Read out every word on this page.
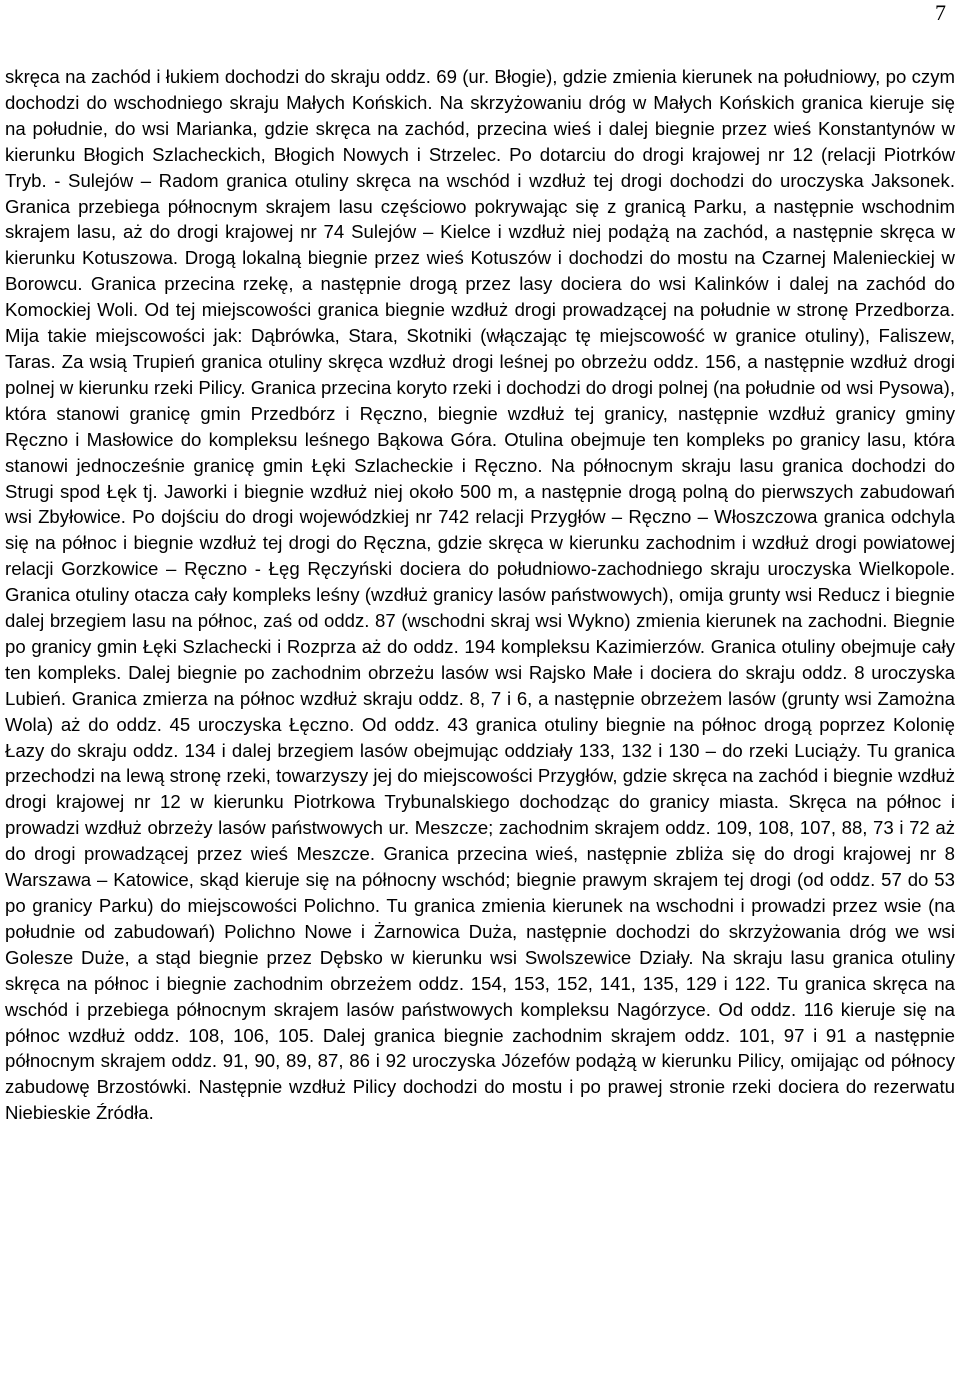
7

skręca na zachód i łukiem dochodzi do skraju oddz. 69 (ur. Błogie), gdzie zmienia kierunek na południowy, po czym dochodzi do wschodniego skraju Małych Końskich. Na skrzyżowaniu dróg w Małych Końskich granica kieruje się na południe, do wsi Marianka, gdzie skręca na zachód, przecina wieś i dalej biegnie przez wieś Konstantynów w kierunku Błogich Szlacheckich, Błogich Nowych i Strzelec. Po dotarciu do drogi krajowej nr 12 (relacji Piotrków Tryb. - Sulejów – Radom granica otuliny skręca na wschód i wzdłuż tej drogi dochodzi do uroczyska Jaksonek. Granica przebiega północnym skrajem lasu częściowo pokrywając się z granicą Parku, a następnie wschodnim skrajem lasu, aż do drogi krajowej nr 74 Sulejów – Kielce i wzdłuż niej podążą na zachód, a następnie skręca w kierunku Kotuszowa. Drogą lokalną biegnie przez wieś Kotuszów i dochodzi do mostu na Czarnej Malenieckiej w Borowcu. Granica przecina rzekę, a następnie drogą przez lasy dociera do wsi Kalinków i dalej na zachód do Komockiej Woli. Od tej miejscowości granica biegnie wzdłuż drogi prowadzącej na południe w stronę Przedborza. Mija takie miejscowości jak: Dąbrówka, Stara, Skotniki (włączając tę miejscowość w granice otuliny), Faliszew, Taras. Za wsią Trupień granica otuliny skręca wzdłuż drogi leśnej po obrzeżu oddz. 156, a następnie wzdłuż drogi polnej w kierunku rzeki Pilicy. Granica przecina koryto rzeki i dochodzi do drogi polnej (na południe od wsi Pysowa), która stanowi granicę gmin Przedbórz i Ręczno, biegnie wzdłuż tej granicy, następnie wzdłuż granicy gminy Ręczno i Masłowice do kompleksu leśnego Bąkowa Góra. Otulina obejmuje ten kompleks po granicy lasu, która stanowi jednocześnie granicę gmin Łęki Szlacheckie i Ręczno. Na północnym skraju lasu granica dochodzi do Strugi spod Łęk tj. Jaworki i biegnie wzdłuż niej około 500 m, a następnie drogą polną do pierwszych zabudowań wsi Zbyłowice. Po dojściu do drogi wojewódzkiej nr 742 relacji Przygłów – Ręczno – Włoszczowa granica odchyla się na północ i biegnie wzdłuż tej drogi do Ręczna, gdzie skręca w kierunku zachodnim i wzdłuż drogi powiatowej relacji Gorzkowice – Ręczno - Łęg Ręczyński dociera do południowo-zachodniego skraju uroczyska Wielkopole. Granica otuliny otacza cały kompleks leśny (wzdłuż granicy lasów państwowych), omija grunty wsi Reducz i biegnie dalej brzegiem lasu na północ, zaś od oddz. 87 (wschodni skraj wsi Wykno) zmienia kierunek na zachodni. Biegnie po granicy gmin Łęki Szlachecki i Rozprza aż do oddz. 194 kompleksu Kazimierzów. Granica otuliny obejmuje cały ten kompleks. Dalej biegnie po zachodnim obrzeżu lasów wsi Rajsko Małe i dociera do skraju oddz. 8 uroczyska Lubień. Granica zmierza na północ wzdłuż skraju oddz. 8, 7 i 6, a następnie obrzeżem lasów (grunty wsi Zamożna Wola) aż do oddz. 45 uroczyska Łęczno. Od oddz. 43 granica otuliny biegnie na północ drogą poprzez Kolonię Łazy do skraju oddz. 134 i dalej brzegiem lasów obejmując oddziały 133, 132 i 130 – do rzeki Luciąży. Tu granica przechodzi na lewą stronę rzeki, towarzyszy jej do miejscowości Przygłów, gdzie skręca na zachód i biegnie wzdłuż drogi krajowej nr 12 w kierunku Piotrkowa Trybunalskiego dochodząc do granicy miasta. Skręca na północ i prowadzi wzdłuż obrzeży lasów państwowych ur. Meszcze; zachodnim skrajem oddz. 109, 108, 107, 88, 73 i 72 aż do drogi prowadzącej przez wieś Meszcze. Granica przecina wieś, następnie zbliża się do drogi krajowej nr 8 Warszawa – Katowice, skąd kieruje się na północny wschód; biegnie prawym skrajem tej drogi (od oddz. 57 do 53 po granicy Parku) do miejscowości Polichno. Tu granica zmienia kierunek na wschodni i prowadzi przez wsie (na południe od zabudowań) Polichno Nowe i Żarnowica Duża, następnie dochodzi do skrzyżowania dróg we wsi Golesze Duże, a stąd biegnie przez Dębsko w kierunku wsi Swolszewice Działy. Na skraju lasu granica otuliny skręca na północ i biegnie zachodnim obrzeżem oddz. 154, 153, 152, 141, 135, 129 i 122. Tu granica skręca na wschód i przebiega północnym skrajem lasów państwowych kompleksu Nagórzyce. Od oddz. 116 kieruje się na północ wzdłuż oddz. 108, 106, 105. Dalej granica biegnie zachodnim skrajem oddz. 101, 97 i 91 a następnie północnym skrajem oddz. 91, 90, 89, 87, 86 i 92 uroczyska Józefów podążą w kierunku Pilicy, omijając od północy zabudowę Brzostówki. Następnie wzdłuż Pilicy dochodzi do mostu i po prawej stronie rzeki dociera do rezerwatu Niebieskie Źródła.
